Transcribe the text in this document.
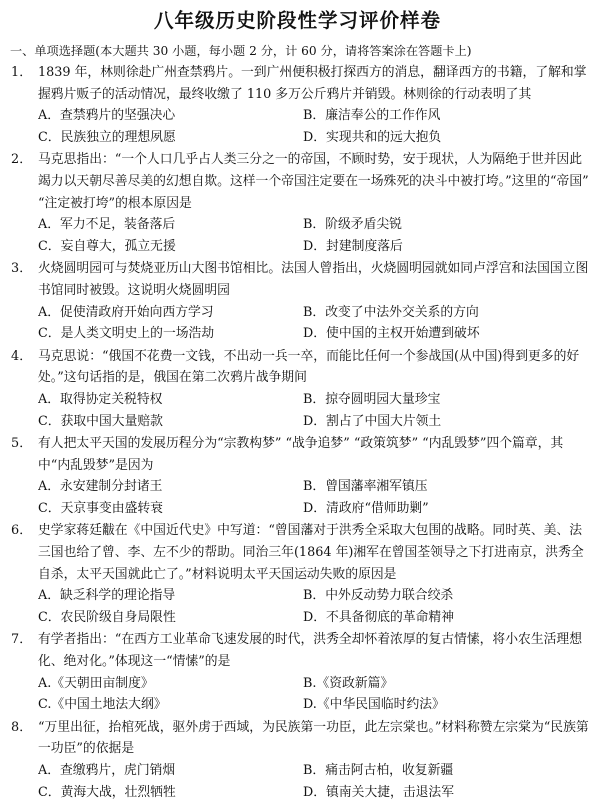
八年级历史阶段性学习评价样卷
一、单项选择题(本大题共 30 小题，每小题 2 分，计 60 分，请将答案涂在答题卡上)
1． 1839 年，林则徐赴广州查禁鸦片。一到广州便积极打探西方的消息，翻译西方的书籍，了解和掌握鸦片贩子的活动情况，最终收缴了 110 多万公斤鸦片并销毁。林则徐的行动表明了其
A．查禁鸦片的坚强决心	B．廉洁奉公的工作作风
C．民族独立的理想夙愿	D．实现共和的远大抱负
2． 马克思指出：“一个人口几乎占人类三分之一的帝国，不顾时势，安于现状，人为隔绝于世并因此竭力以天朝尽善尽美的幻想自欺。这样一个帝国注定要在一场殊死的决斗中被打垮。”这里的“帝国” “注定被打垮”的根本原因是
A．军力不足，装备落后	B．阶级矛盾尖锐
C．妄自尊大，孤立无援	D．封建制度落后
3． 火烧圆明园可与焚烧亚历山大图书馆相比。法国人曾指出，火烧圆明园就如同卢浮宫和法国国立图书馆同时被毁。这说明火烧圆明园
A．促使清政府开始向西方学习	B．改变了中法外交关系的方向
C．是人类文明史上的一场浩劫	D．使中国的主权开始遭到破坏
4． 马克思说：“俄国不花费一文钱，不出动一兵一卒，而能比任何一个参战国(从中国)得到更多的好处。”这句话指的是，俄国在第二次鸦片战争期间
A．取得协定关税特权	B．掠夺圆明园大量珍宝
C．获取中国大量赔款	D．割占了中国大片领土
5． 有人把太平天国的发展历程分为“宗教构梦” “战争追梦” “政策筑梦” “内乱毁梦”四个篇章，其中“内乱毁梦”是因为
A．永安建制分封诸王	B．曾国藩率湘军镇压
C．天京事变由盛转衰	D．清政府“借师助剿”
6． 史学家蒋廷黻在《中国近代史》中写道：“曾国藩对于洪秀全采取大包围的战略。同时英、美、法三国也给了曾、李、左不少的帮助。同治三年(1864 年)湘军在曾国荃领导之下打进南京，洪秀全自杀，太平天国就此亡了。”材料说明太平天国运动失败的原因是
A．缺乏科学的理论指导	B．中外反动势力联合绞杀
C．农民阶级自身局限性	D．不具备彻底的革命精神
7． 有学者指出：“在西方工业革命飞速发展的时代，洪秀全却怀着浓厚的复古情愫，将小农生活理想化、绝对化。”体现这一“情愫”的是
A.《天朝田亩制度》	B.《资政新篇》
C.《中国土地法大纲》	D.《中华民国临时约法》
8． “万里出征，抬棺死战，驱外虏于西域，为民族第一功臣，此左宗棠也。”材料称赞左宗棠为“民族第一功臣”的依据是
A．查缴鸦片，虎门销烟	B．痛击阿古柏，收复新疆
C．黄海大战，壮烈牺牲	D．镇南关大捷，击退法军
